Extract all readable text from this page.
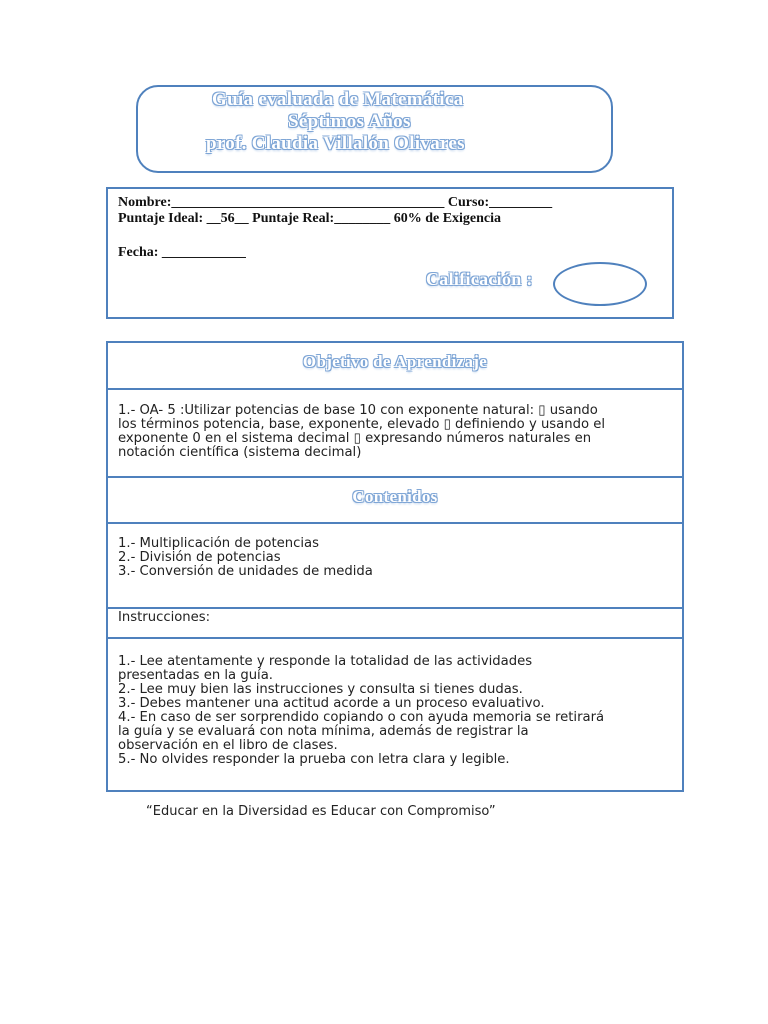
Guía evaluada de Matemática
Séptimos Años
prof. Claudia Villalón Olivares
Nombre:_______________________________________ Curso:_________
Puntaje Ideal: __56__ Puntaje Real:________ 60% de Exigencia
Fecha: ____________
Calificación :
Objetivo de Aprendizaje

1.- OA- 5 :Utilizar potencias de base 10 con exponente natural: ▯ usando

los términos potencia, base, exponente, elevado ▯ definiendo y usando el

exponente 0 en el sistema decimal ▯ expresando números naturales en

notación científica (sistema decimal)

Contenidos

1.- Multiplicación de potencias

2.- División de potencias

3.- Conversión de unidades de medida

Instrucciones:

1.- Lee atentamente y responde la totalidad de las actividades

presentadas en la guía.

2.- Lee muy bien las instrucciones y consulta si tienes dudas.

3.- Debes mantener una actitud acorde a un proceso evaluativo.

4.- En caso de ser sorprendido copiando o con ayuda memoria se retirará

la guía y se evaluará con nota mínima, además de registrar la

observación en el libro de clases.

5.- No olvides responder la prueba con letra clara y legible.

“Educar en la Diversidad es Educar con Compromiso”
